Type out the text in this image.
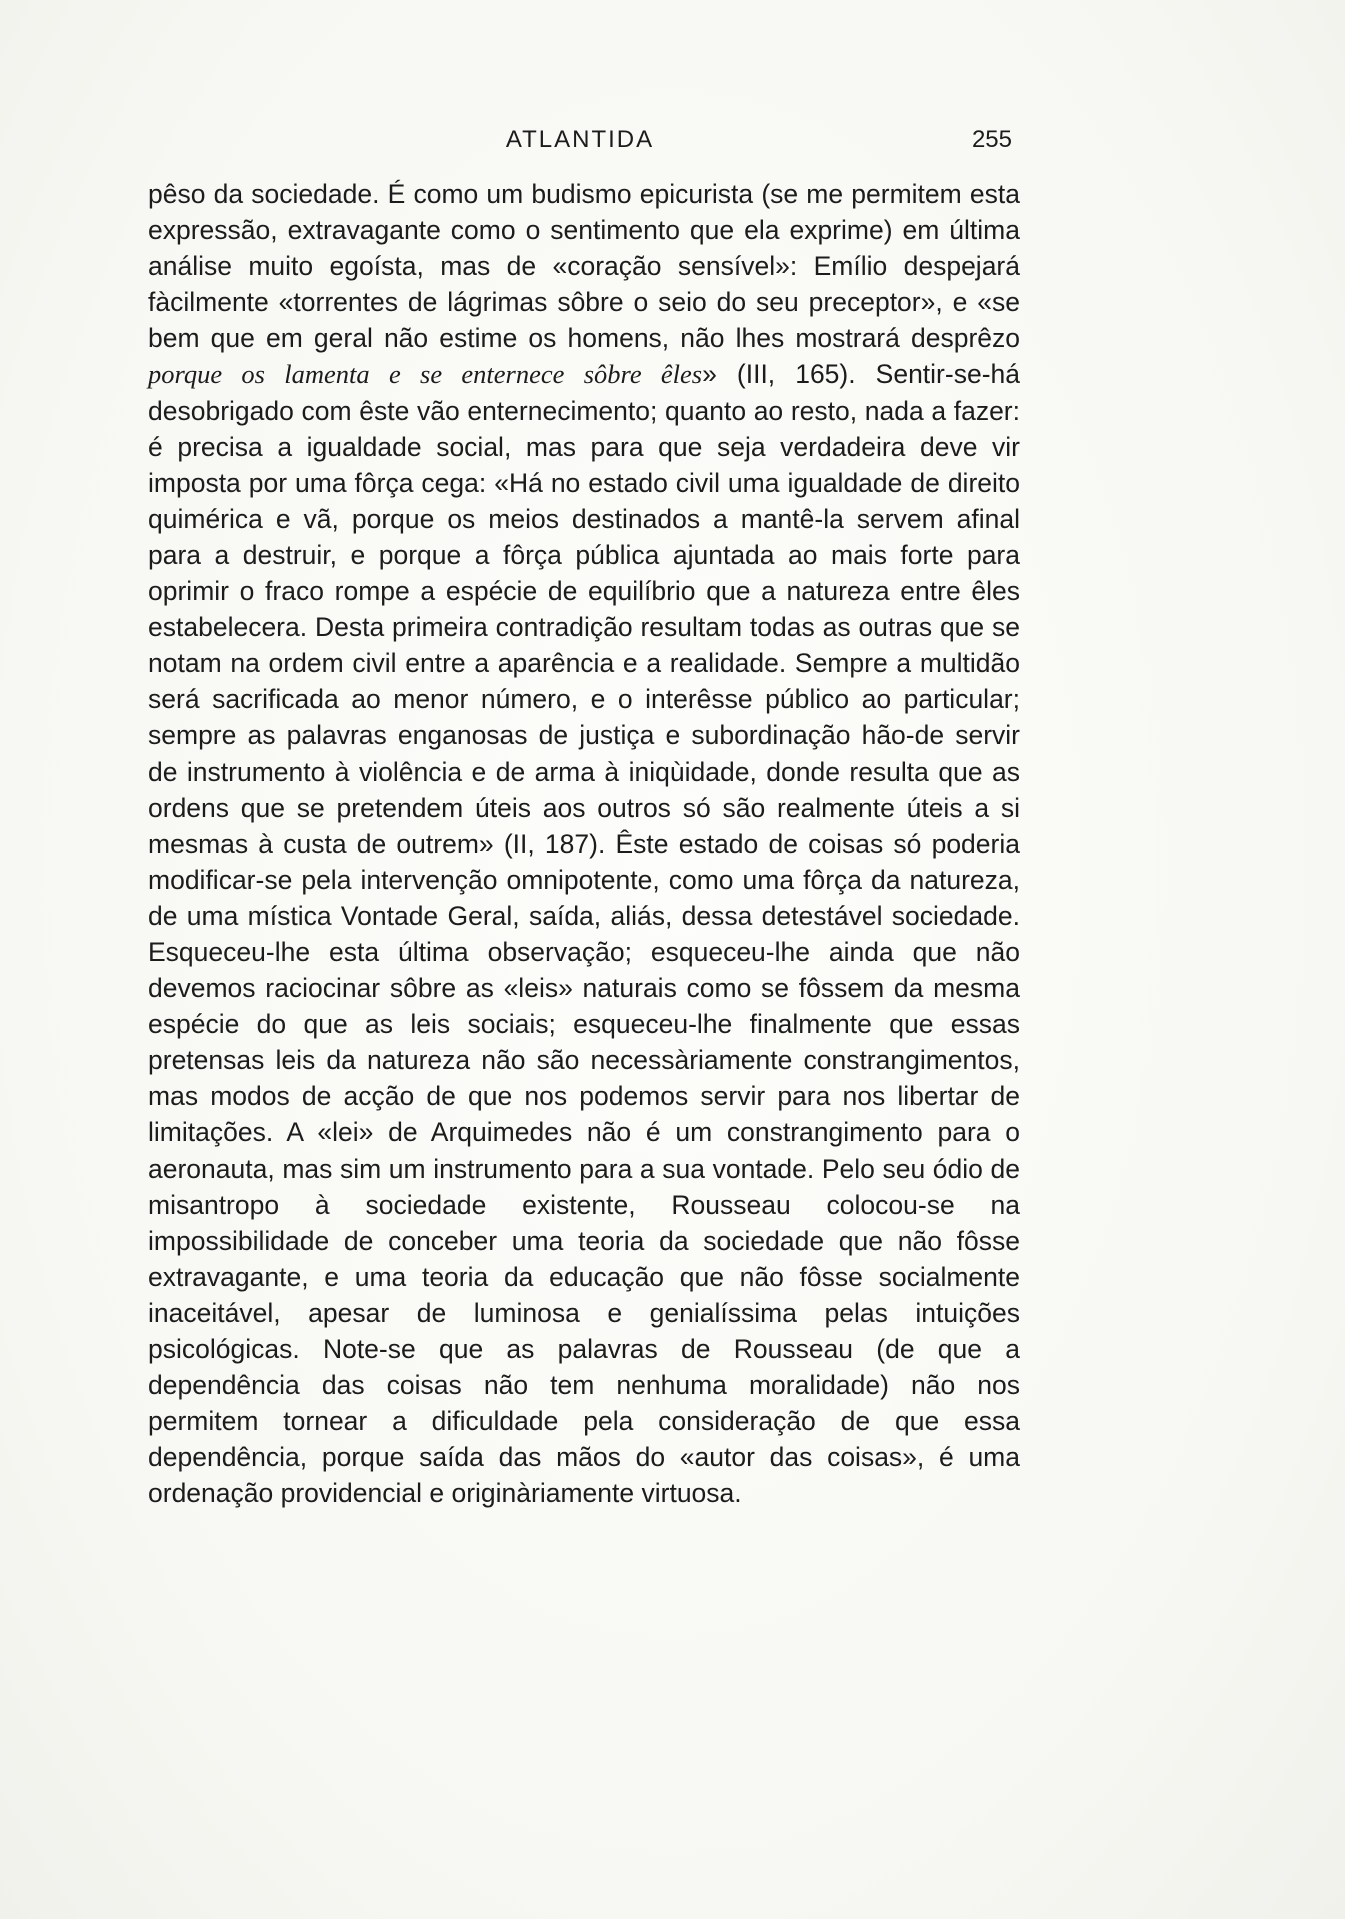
ATLANTIDA	255

pêso da sociedade. É como um budismo epicurista (se me permitem esta expressão, extravagante como o sentimento que ela exprime) em última análise muito egoísta, mas de «coração sensível»: Emílio despejará fàcilmente «torrentes de lágrimas sôbre o seio do seu preceptor», e «se bem que em geral não estime os homens, não lhes mostrará desprêzo porque os lamenta e se enternece sôbre êles» (III, 165). Sentir-se-há desobrigado com êste vão enternecimento; quanto ao resto, nada a fazer: é precisa a igualdade social, mas para que seja verdadeira deve vir imposta por uma fôrça cega: «Há no estado civil uma igualdade de direito quimérica e vã, porque os meios destinados a mantê-la servem afinal para a destruir, e porque a fôrça pública ajuntada ao mais forte para oprimir o fraco rompe a espécie de equilíbrio que a natureza entre êles estabelecera. Desta primeira contradição resultam todas as outras que se notam na ordem civil entre a aparência e a realidade. Sempre a multidão será sacrificada ao menor número, e o interêsse público ao particular; sempre as palavras enganosas de justiça e subordinação hão-de servir de instrumento à violência e de arma à iniqùidade, donde resulta que as ordens que se pretendem úteis aos outros só são realmente úteis a si mesmas à custa de outrem» (II, 187). Êste estado de coisas só poderia modificar-se pela intervenção omnipotente, como uma fôrça da natureza, de uma mística Vontade Geral, saída, aliás, dessa detestável sociedade. Esqueceu-lhe esta última observação; esqueceu-lhe ainda que não devemos raciocinar sôbre as «leis» naturais como se fôssem da mesma espécie do que as leis sociais; esqueceu-lhe finalmente que essas pretensas leis da natureza não são necessàriamente constrangimentos, mas modos de acção de que nos podemos servir para nos libertar de limitações. A «lei» de Arquimedes não é um constrangimento para o aeronauta, mas sim um instrumento para a sua vontade. Pelo seu ódio de misantropo à sociedade existente, Rousseau colocou-se na impossibilidade de conceber uma teoria da sociedade que não fôsse extravagante, e uma teoria da educação que não fôsse socialmente inaceitável, apesar de luminosa e genialíssima pelas intuições psicológicas. Note-se que as palavras de Rousseau (de que a dependência das coisas não tem nenhuma moralidade) não nos permitem tornear a dificuldade pela consideração de que essa dependência, porque saída das mãos do «autor das coisas», é uma ordenação providencial e originàriamente virtuosa.
